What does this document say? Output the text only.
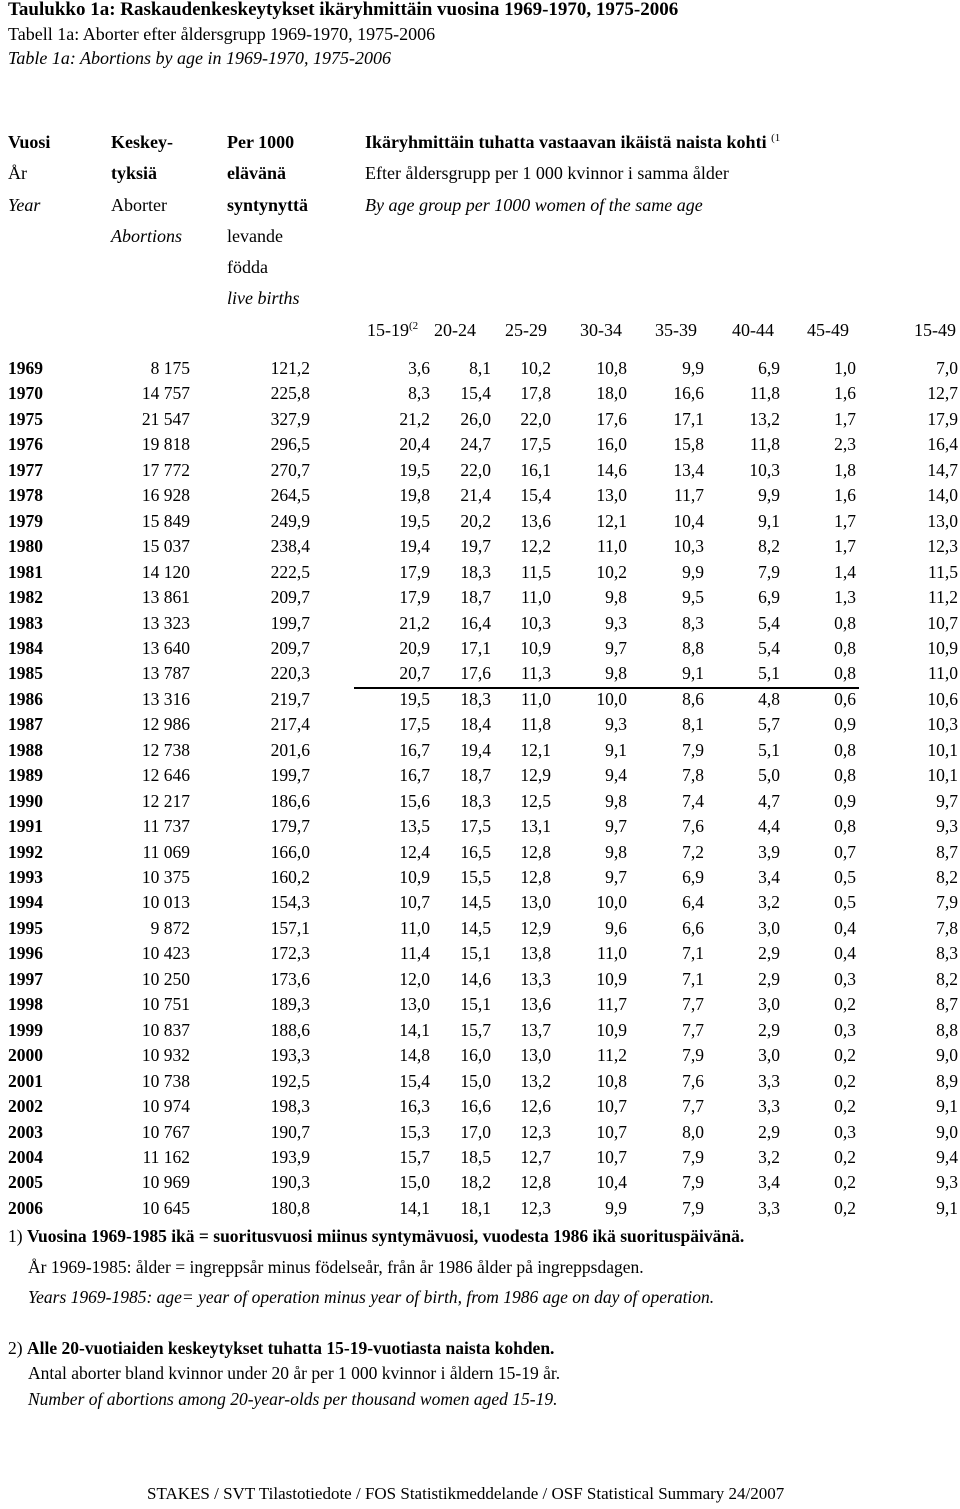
Taulukko 1a: Raskaudenkeskeytykset ikäryhmittäin vuosina 1969-1970, 1975-2006
Tabell 1a: Aborter efter åldersgrupp 1969-1970, 1975-2006
Table 1a: Abortions by age in 1969-1970, 1975-2006
Vuosi
År
Year
Keskey-
tyksiä
Aborter
Abortions
Per 1000
elävänä
syntynyttä
levande
födda
live births
Ikäryhmittäin tuhatta vastaavan ikäistä naista kohti $^{(1}$
Efter åldersgrupp per 1 000 kvinnor i samma ålder
By age group per 1000 women of the same age
15-19$^{(2}$ 20-24 25-29 30-34 35-39 40-44 45-49	15-49
1969	8 175	121,2	3,6 8,1 10,2	10,8	9,9	6,9	1,0	7,0
1970	14 757	225,8	8,3 15,4 17,8	18,0	16,6	11,8	1,6	12,7
1975	21 547	327,9	21,2 26,0 22,0	17,6	17,1	13,2	1,7	17,9
1976	19 818	296,5	20,4 24,7 17,5	16,0	15,8	11,8	2,3	16,4
1977	17 772	270,7	19,5 22,0 16,1	14,6	13,4	10,3	1,8	14,7
1978	16 928	264,5	19,8 21,4 15,4	13,0	11,7	9,9	1,6	14,0
1979	15 849	249,9	19,5 20,2 13,6	12,1	10,4	9,1	1,7	13,0
1980	15 037	238,4	19,4 19,7 12,2	11,0	10,3	8,2	1,7	12,3
1981	14 120	222,5	17,9 18,3 11,5	10,2	9,9	7,9	1,4	11,5
1982	13 861	209,7	17,9 18,7 11,0	9,8	9,5	6,9	1,3	11,2
1983	13 323	199,7	21,2 16,4 10,3	9,3	8,3	5,4	0,8	10,7
1984	13 640	209,7	20,9 17,1 10,9	9,7	8,8	5,4	0,8	10,9
1985	13 787	220,3	20,7 17,6 11,3	9,8	9,1	5,1	0,8	11,0
1986	13 316	219,7	19,5 18,3 11,0	10,0	8,6	4,8	0,6	10,6
1987	12 986	217,4	17,5 18,4 11,8	9,3	8,1	5,7	0,9	10,3
1988	12 738	201,6	16,7 19,4 12,1	9,1	7,9	5,1	0,8	10,1
1989	12 646	199,7	16,7 18,7 12,9	9,4	7,8	5,0	0,8	10,1
1990	12 217	186,6	15,6 18,3 12,5	9,8	7,4	4,7	0,9	9,7
1991	11 737	179,7	13,5 17,5 13,1	9,7	7,6	4,4	0,8	9,3
1992	11 069	166,0	12,4 16,5 12,8	9,8	7,2	3,9	0,7	8,7
1993	10 375	160,2	10,9 15,5 12,8	9,7	6,9	3,4	0,5	8,2
1994	10 013	154,3	10,7 14,5 13,0	10,0	6,4	3,2	0,5	7,9
1995	9 872	157,1	11,0 14,5 12,9	9,6	6,6	3,0	0,4	7,8
1996	10 423	172,3	11,4 15,1 13,8	11,0	7,1	2,9	0,4	8,3
1997	10 250	173,6	12,0 14,6 13,3	10,9	7,1	2,9	0,3	8,2
1998	10 751	189,3	13,0 15,1 13,6	11,7	7,7	3,0	0,2	8,7
1999	10 837	188,6	14,1 15,7 13,7	10,9	7,7	2,9	0,3	8,8
2000	10 932	193,3	14,8 16,0 13,0	11,2	7,9	3,0	0,2	9,0
2001	10 738	192,5	15,4 15,0 13,2	10,8	7,6	3,3	0,2	8,9
2002	10 974	198,3	16,3 16,6 12,6	10,7	7,7	3,3	0,2	9,1
2003	10 767	190,7	15,3 17,0 12,3	10,7	8,0	2,9	0,3	9,0
2004	11 162	193,9	15,7 18,5 12,7	10,7	7,9	3,2	0,2	9,4
2005	10 969	190,3	15,0 18,2 12,8	10,4	7,9	3,4	0,2	9,3
2006	10 645	180,8	14,1 18,1 12,3	9,9	7,9	3,3	0,2	9,1
1) Vuosina 1969-1985 ikä = suoritusvuosi miinus syntymävuosi, vuodesta 1986 ikä suorituspäivänä.
År 1969-1985: ålder = ingreppsår minus födelseår, från år 1986 ålder på ingreppsdagen.
Years 1969-1985: age= year of operation minus year of birth, from 1986 age on day of operation.
2) Alle 20-vuotiaiden keskeytykset tuhatta 15-19-vuotiasta naista kohden.
Antal aborter bland kvinnor under 20 år per 1 000 kvinnor i åldern 15-19 år.
Number of abortions among 20-year-olds per thousand women aged 15-19.
STAKES / SVT Tilastotiedote / FOS Statistikmeddelande / OSF Statistical Summary 24/2007
